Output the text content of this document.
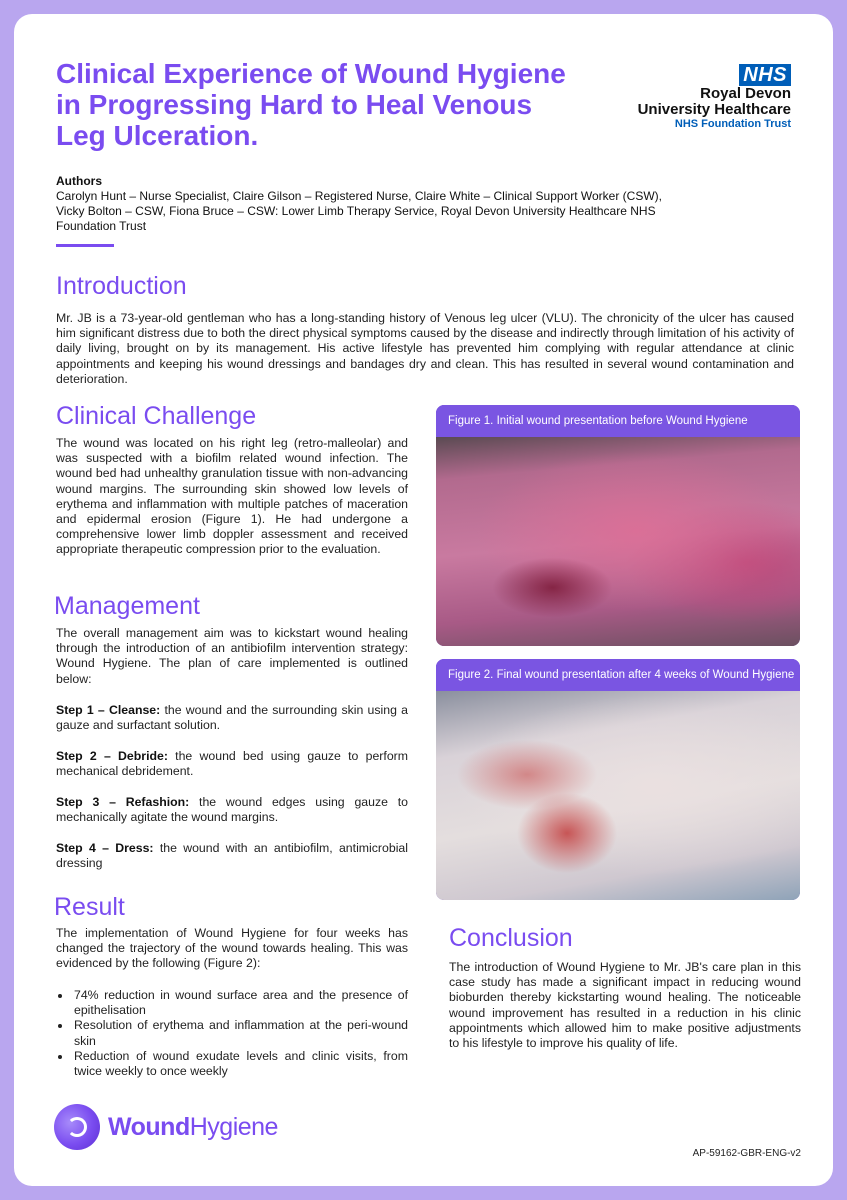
Clinical Experience of Wound Hygiene in Progressing Hard to Heal Venous Leg Ulceration.
NHS
Royal Devon
University Healthcare
NHS Foundation Trust
Authors
Carolyn Hunt – Nurse Specialist, Claire Gilson – Registered Nurse, Claire White – Clinical Support Worker (CSW), Vicky Bolton – CSW, Fiona Bruce – CSW: Lower Limb Therapy Service, Royal Devon University Healthcare NHS Foundation Trust
Introduction

Mr. JB is a 73-year-old gentleman who has a long-standing history of Venous leg ulcer (VLU). The chronicity of the ulcer has caused him significant distress due to both the direct physical symptoms caused by the disease and indirectly through limitation of his activity of daily living, brought on by its management. His active lifestyle has prevented him complying with regular attendance at clinic appointments and keeping his wound dressings and bandages dry and clean. This has resulted in several wound contamination and deterioration.

Clinical Challenge

The wound was located on his right leg (retro-malleolar) and was suspected with a biofilm related wound infection. The wound bed had unhealthy granulation tissue with non-advancing wound margins. The surrounding skin showed low levels of erythema and inflammation with multiple patches of maceration and epidermal erosion (Figure 1). He had undergone a comprehensive lower limb doppler assessment and received appropriate therapeutic compression prior to the evaluation.

Management

The overall management aim was to kickstart wound healing through the introduction of an antibiofilm intervention strategy: Wound Hygiene. The plan of care implemented is outlined below:

Step 1 – Cleanse: the wound and the surrounding skin using a gauze and surfactant solution.

Step 2 – Debride: the wound bed using gauze to perform mechanical debridement.

Step 3 – Refashion: the wound edges using gauze to mechanically agitate the wound margins.

Step 4 – Dress: the wound with an antibiofilm, antimicrobial dressing

Result

The implementation of Wound Hygiene for four weeks has changed the trajectory of the wound towards healing. This was evidenced by the following (Figure 2):

• 74% reduction in wound surface area and the presence of epithelisation
• Resolution of erythema and inflammation at the peri-wound skin
• Reduction of wound exudate levels and clinic visits, from twice weekly to once weekly
Figure 1. Initial wound presentation before Wound Hygiene
Figure 2. Final wound presentation after 4 weeks of Wound Hygiene
Conclusion

The introduction of Wound Hygiene to Mr. JB's care plan in this case study has made a significant impact in reducing wound bioburden thereby kickstarting wound healing. The noticeable wound improvement has resulted in a reduction in his clinic appointments which allowed him to make positive adjustments to his lifestyle to improve his quality of life.

WoundHygiene
AP-59162-GBR-ENG-v2
